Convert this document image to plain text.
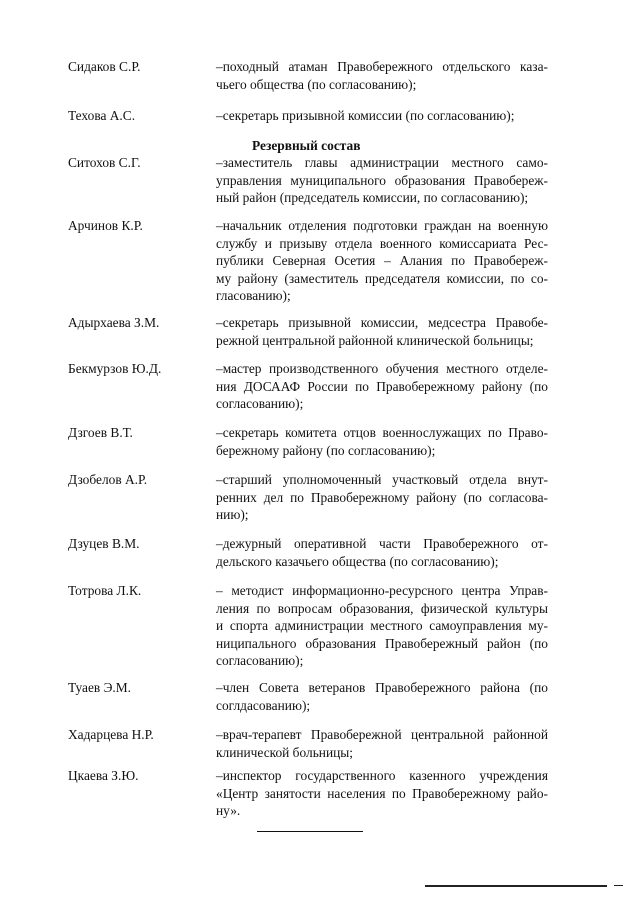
Сидаков С.Р.	–походный атаман Правобережного отдельского каза-
чьего общества (по согласованию);
Техова А.С.	–секретарь призывной комиссии (по согласованию);
Резервный состав
Ситохов С.Г.	–заместитель главы администрации местного само-
управления муниципального образования Правобереж-
ный район (председатель комиссии, по согласованию);
Арчинов К.Р.	–начальник отделения подготовки граждан на военную
службу и призыву отдела военного комиссариата Рес-
публики Северная Осетия – Алания по Правобереж-
му району (заместитель председателя комиссии, по со-
гласованию);
Адырхаева З.М.	–секретарь призывной комиссии, медсестра Правобе-
режной центральной районной клинической больницы;
Бекмурзов Ю.Д.	–мастер производственного обучения местного отделе-
ния ДОСААФ России по Правобережному району (по
согласованию);
Дзгоев В.Т.	–секретарь комитета отцов военнослужащих по Право-
бережному району (по согласованию);
Дзобелов А.Р.	–старший уполномоченный участковый отдела внут-
ренних дел по Правобережному району (по согласова-
нию);
Дзуцев В.М.	–дежурный оперативной части Правобережного от-
дельского казачьего общества (по согласованию);
Тотрова Л.К.	– методист информационно-ресурсного центра Управ-
ления по вопросам образования, физической культуры
и спорта администрации местного самоуправления му-
ниципального образования Правобережный район (по
согласованию);
Туаев Э.М.	–член Совета ветеранов Правобережного района (по
соглдасованию);
Хадарцева Н.Р.	–врач-терапевт Правобережной центральной районной
клинической больницы;
Цкаева З.Ю.	–инспектор государственного казенного учреждения
«Центр занятости населения по Правобережному райо-
ну».
